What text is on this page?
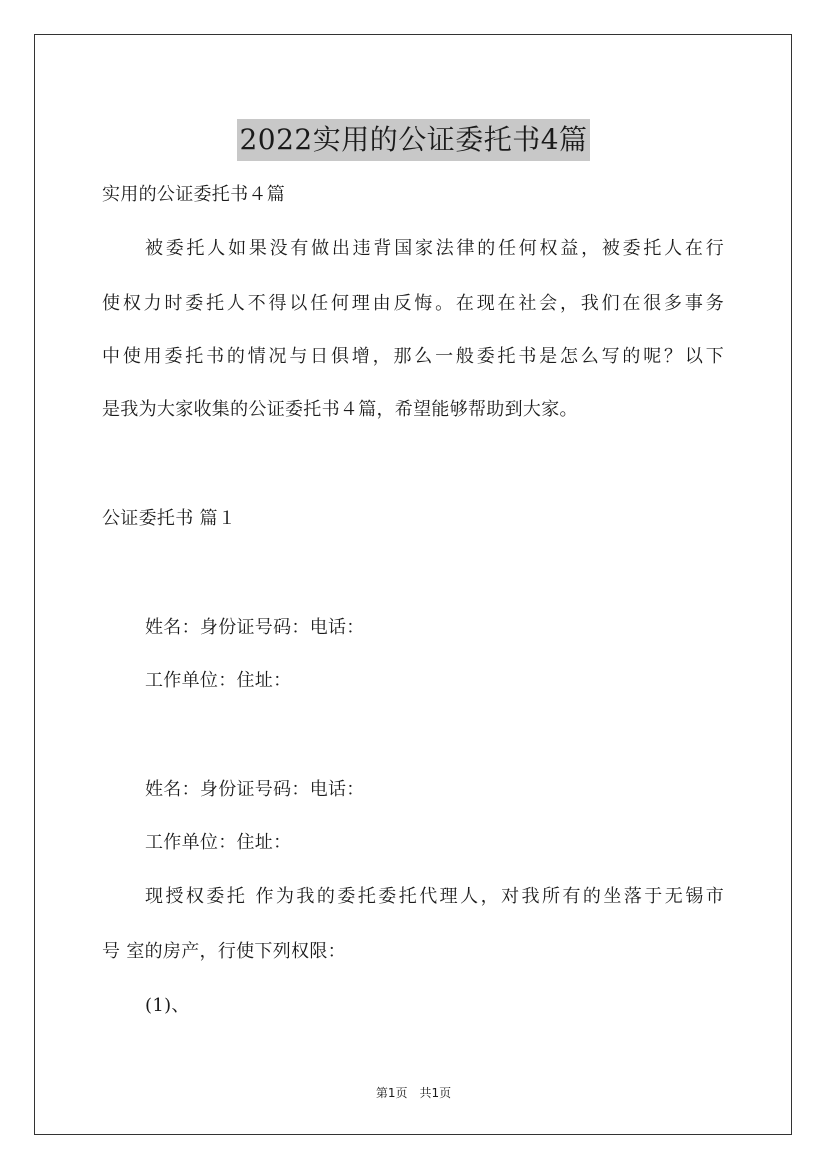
2022实用的公证委托书4篇
实用的公证委托书４篇
被委托人如果没有做出违背国家法律的任何权益，被委托人在行
使权力时委托人不得以任何理由反悔。在现在社会，我们在很多事务
中使用委托书的情况与日俱增，那么一般委托书是怎么写的呢？以下
是我为大家收集的公证委托书４篇，希望能够帮助到大家。
公证委托书 篇１
姓名：身份证号码：电话：
工作单位：住址：
姓名：身份证号码：电话：
工作单位：住址：
现授权委托 作为我的委托委托代理人，对我所有的坐落于无锡市
号 室的房产，行使下列权限：
(1)、
第1页 共1页
